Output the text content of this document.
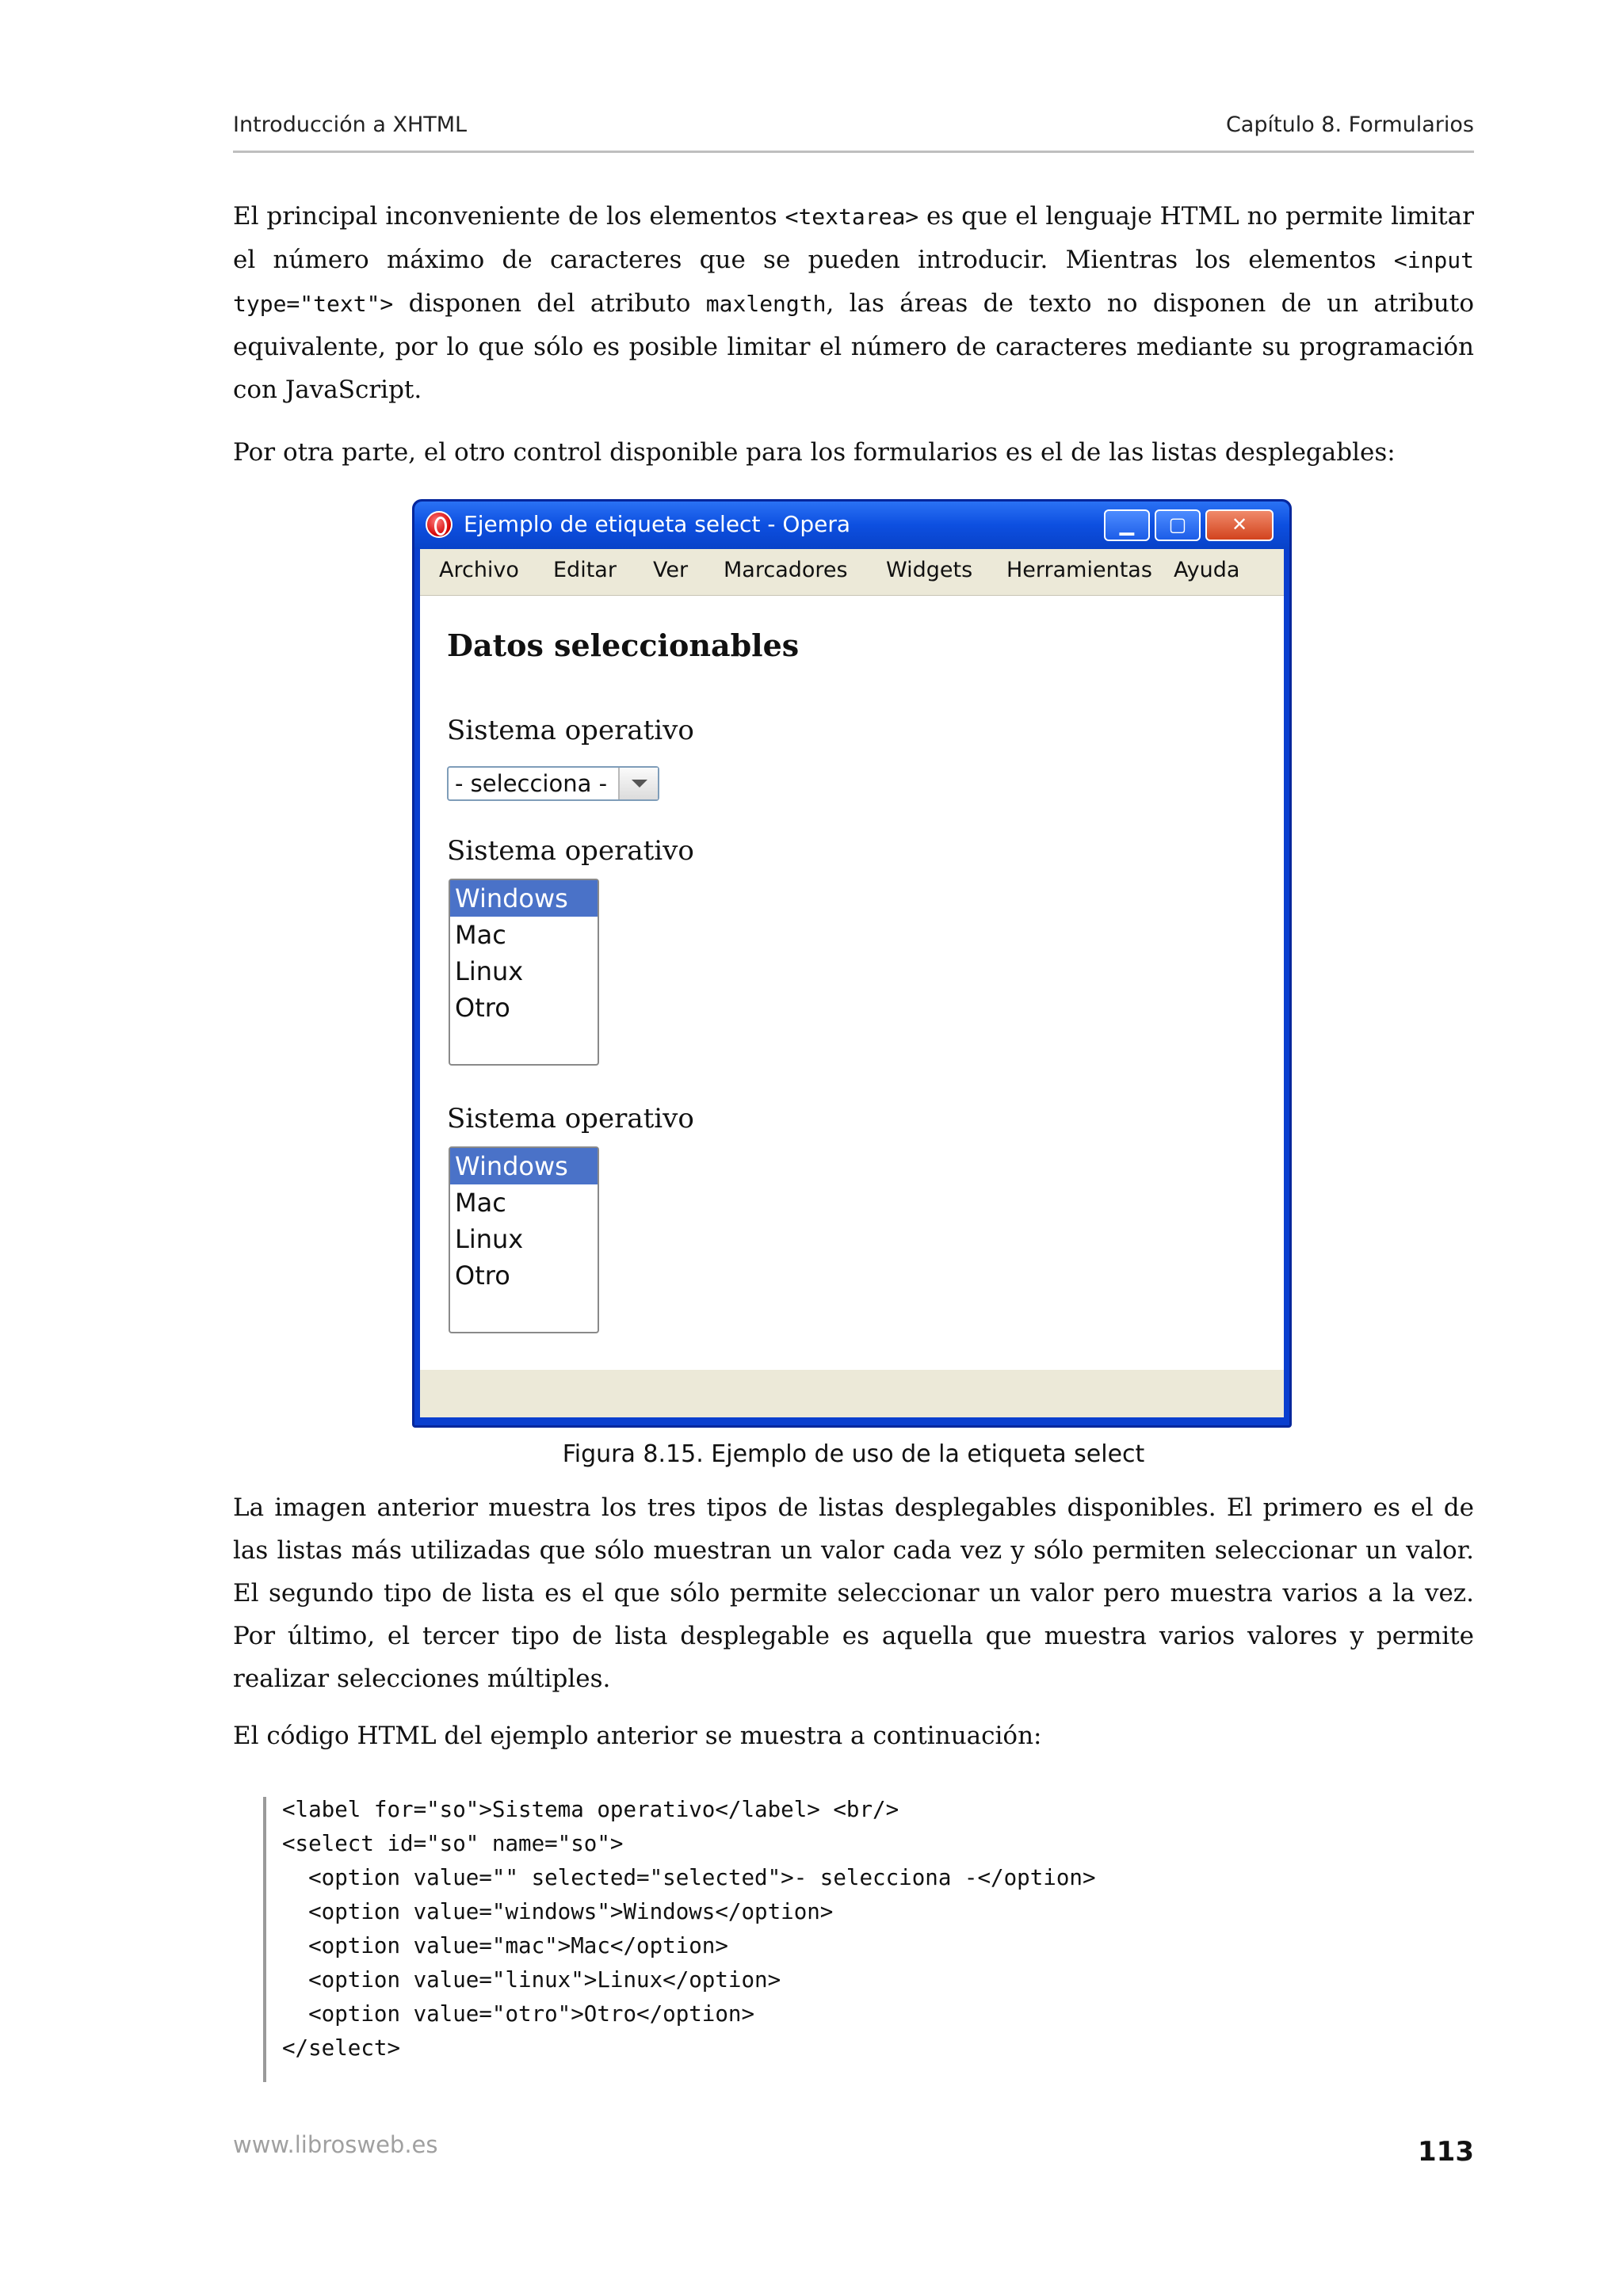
Introducción a XHTML	Capítulo 8. Formularios

El principal inconveniente de los elementos <textarea> es que el lenguaje HTML no permite limitar el número máximo de caracteres que se pueden introducir. Mientras los elementos <input type="text"> disponen del atributo maxlength, las áreas de texto no disponen de un atributo equivalente, por lo que sólo es posible limitar el número de caracteres mediante su programación con JavaScript.

Por otra parte, el otro control disponible para los formularios es el de las listas desplegables:

Ejemplo de etiqueta select - Opera	▁	▢	✕
Archivo Editar Ver Marcadores Widgets Herramientas Ayuda
Datos seleccionables
Sistema operativo
- selecciona -
Sistema operativo
Windows
Mac
Linux
Otro
Sistema operativo
Windows
Mac
Linux
Otro

Figura 8.15. Ejemplo de uso de la etiqueta select

La imagen anterior muestra los tres tipos de listas desplegables disponibles. El primero es el de las listas más utilizadas que sólo muestran un valor cada vez y sólo permiten seleccionar un valor. El segundo tipo de lista es el que sólo permite seleccionar un valor pero muestra varios a la vez. Por último, el tercer tipo de lista desplegable es aquella que muestra varios valores y permite realizar selecciones múltiples.

El código HTML del ejemplo anterior se muestra a continuación:

<label for="so">Sistema operativo</label> <br/>
<select id="so" name="so">
<option value="" selected="selected">- selecciona -</option>
<option value="windows">Windows</option>
<option value="mac">Mac</option>
<option value="linux">Linux</option>
<option value="otro">Otro</option>
</select>
www.librosweb.es	113
